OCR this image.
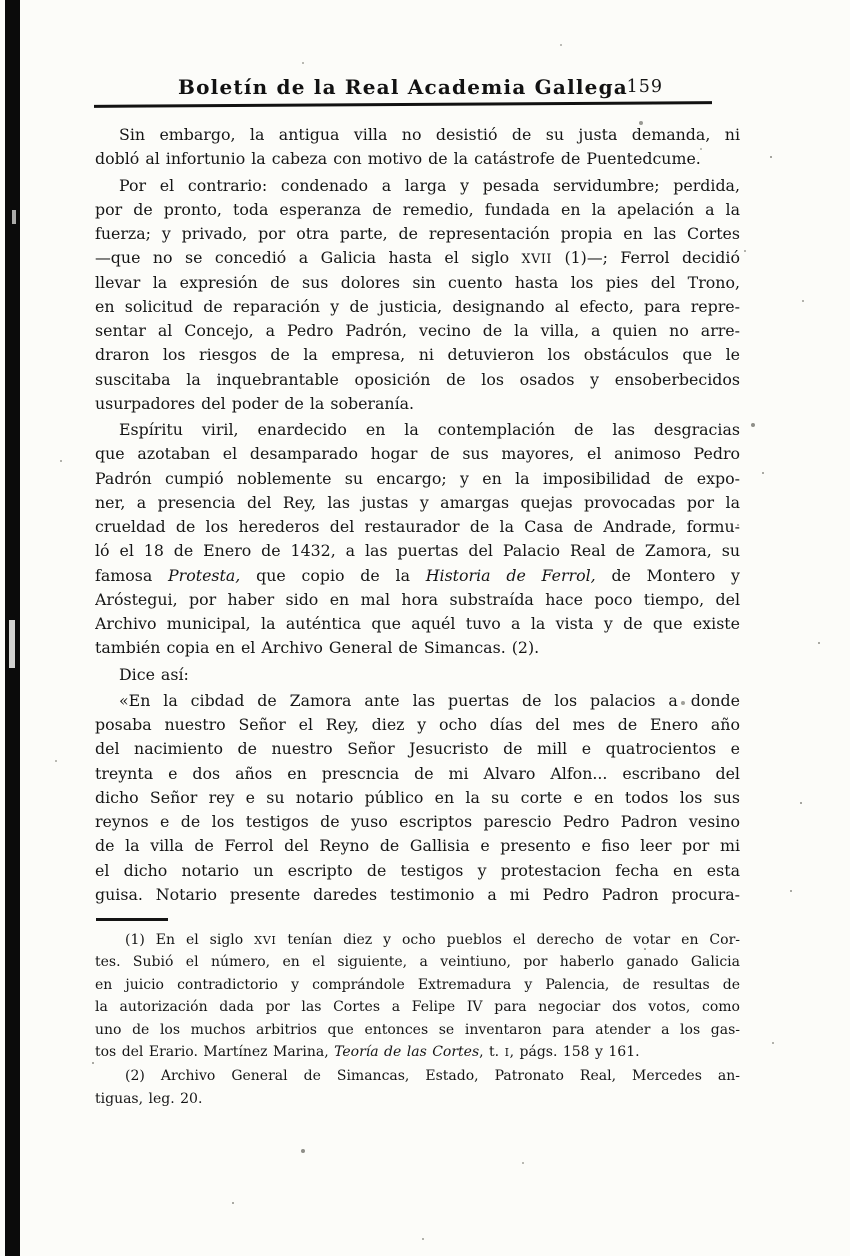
Boletín de la Real Academia Gallega
159
Sin embargo, la antigua villa no desistió de su justa demanda, ni
dobló al infortunio la cabeza con motivo de la catástrofe de Puentedcume.
Por el contrario: condenado a larga y pesada servidumbre; perdida,
por de pronto, toda esperanza de remedio, fundada en la apelación a la
fuerza; y privado, por otra parte, de representación propia en las Cortes
—que no se concedió a Galicia hasta el siglo XVII (1)—; Ferrol decidió
llevar la expresión de sus dolores sin cuento hasta los pies del Trono,
en solicitud de reparación y de justicia, designando al efecto, para repre-
sentar al Concejo, a Pedro Padrón, vecino de la villa, a quien no arre-
draron los riesgos de la empresa, ni detuvieron los obstáculos que le
suscitaba la inquebrantable oposición de los osados y ensoberbecidos
usurpadores del poder de la soberanía.
Espíritu viril, enardecido en la contemplación de las desgracias
que azotaban el desamparado hogar de sus mayores, el animoso Pedro
Padrón cumpió noblemente su encargo; y en la imposibilidad de expo-
ner, a presencia del Rey, las justas y amargas quejas provocadas por la
crueldad de los herederos del restaurador de la Casa de Andrade, formu-
ló el 18 de Enero de 1432, a las puertas del Palacio Real de Zamora, su
famosa Protesta, que copio de la Historia de Ferrol, de Montero y
Aróstegui, por haber sido en mal hora substraída hace poco tiempo, del
Archivo municipal, la auténtica que aquél tuvo a la vista y de que existe
también copia en el Archivo General de Simancas. (2).
Dice así:
«En la cibdad de Zamora ante las puertas de los palacios a donde
posaba nuestro Señor el Rey, diez y ocho días del mes de Enero año
del nacimiento de nuestro Señor Jesucristo de mill e quatrocientos e
treynta e dos años en prescncia de mi Alvaro Alfon... escribano del
dicho Señor rey e su notario público en la su corte e en todos los sus
reynos e de los testigos de yuso escriptos parescio Pedro Padron vesino
de la villa de Ferrol del Reyno de Gallisia e presento e fiso leer por mi
el dicho notario un escripto de testigos y protestacion fecha en esta
guisa. Notario presente daredes testimonio a mi Pedro Padron procura-
(1) En el siglo XVI tenían diez y ocho pueblos el derecho de votar en Cor-
tes. Subió el número, en el siguiente, a veintiuno, por haberlo ganado Galicia
en juicio contradictorio y comprándole Extremadura y Palencia, de resultas de
la autorización dada por las Cortes a Felipe IV para negociar dos votos, como
uno de los muchos arbitrios que entonces se inventaron para atender a los gas-
tos del Erario. Martínez Marina, Teoría de las Cortes, t. I, págs. 158 y 161.
(2) Archivo General de Simancas, Estado, Patronato Real, Mercedes an-
tiguas, leg. 20.
